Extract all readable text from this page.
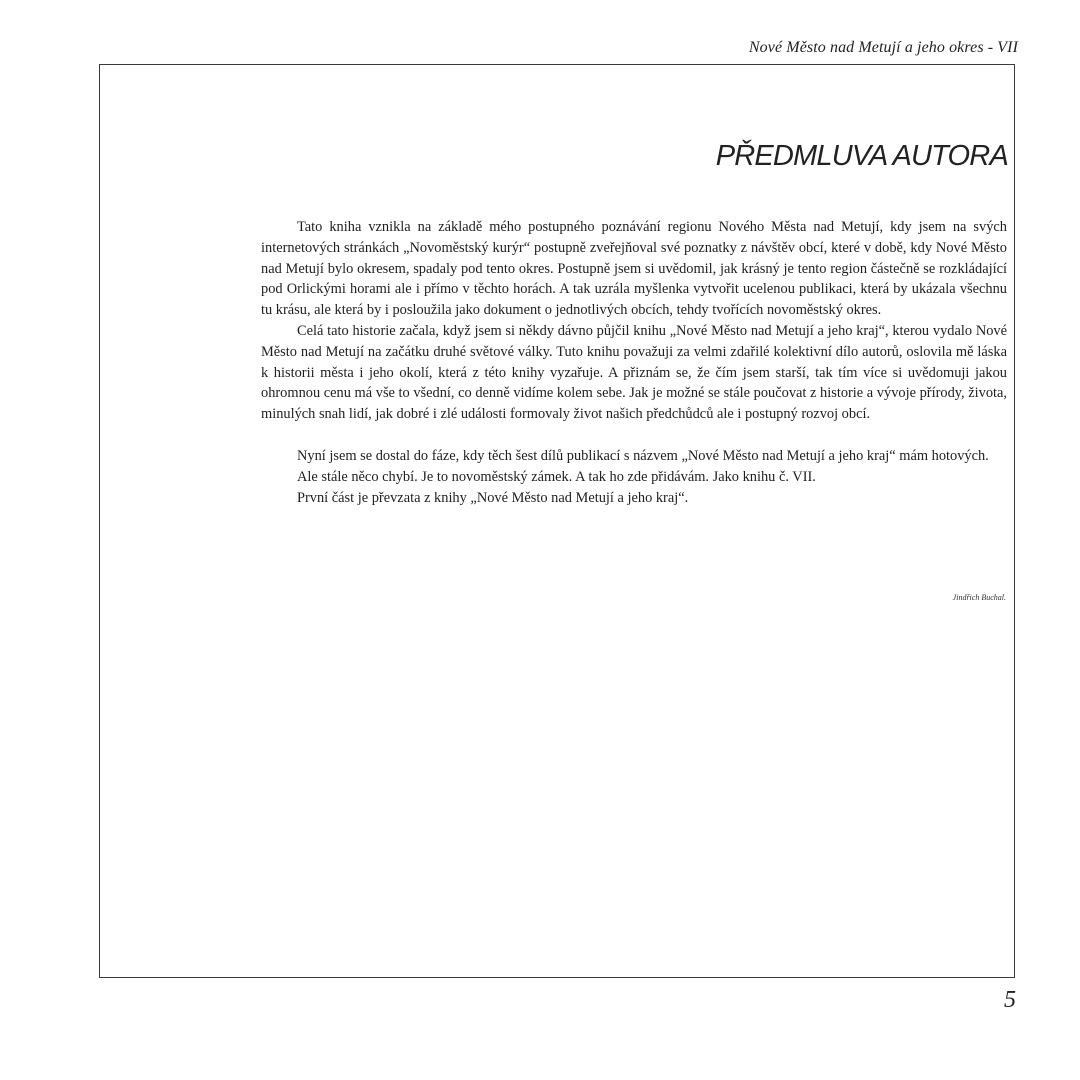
Nové Město nad Metují a jeho okres - VII
PŘEDMLUVA AUTORA

Tato kniha vznikla na základě mého postupného poznávání regionu Nového Města nad Metují, kdy jsem na svých internetových stránkách „Novoměstský kurýr“ postupně zveřejňoval své poznatky z návštěv obcí, které v době, kdy Nové Město nad Metují bylo okresem, spadaly pod tento okres. Postupně jsem si uvědomil, jak krásný je tento region částečně se rozkládající pod Orlickými horami ale i přímo v těchto horách. A tak uzrála myšlenka vytvořit ucelenou publikaci, která by ukázala všechnu tu krásu, ale která by i posloužila jako dokument o jednotlivých obcích, tehdy tvořících novoměstský okres.

Celá tato historie začala, když jsem si někdy dávno půjčil knihu „Nové Město nad Metují a jeho kraj“, kterou vydalo Nové Město nad Metují na začátku druhé světové války. Tuto knihu považuji za velmi zdařilé kolektivní dílo autorů, oslovila mě láska k historii města i jeho okolí, která z této knihy vyzařuje. A přiznám se, že čím jsem starší, tak tím více si uvědomuji jakou ohromnou cenu má vše to všední, co denně vidíme kolem sebe. Jak je možné se stále poučovat z historie a vývoje přírody, života, minulých snah lidí, jak dobré i zlé události formovaly život našich předchůdců ale i postupný rozvoj obcí.

Nyní jsem se dostal do fáze, kdy těch šest dílů publikací s názvem „Nové Město nad Metují a jeho kraj“ mám hotových.

Ale stále něco chybí. Je to novoměstský zámek. A tak ho zde přidávám. Jako knihu č. VII.

První část je převzata z knihy „Nové Město nad Metují a jeho kraj“.

Jindřich Buchal.
5
